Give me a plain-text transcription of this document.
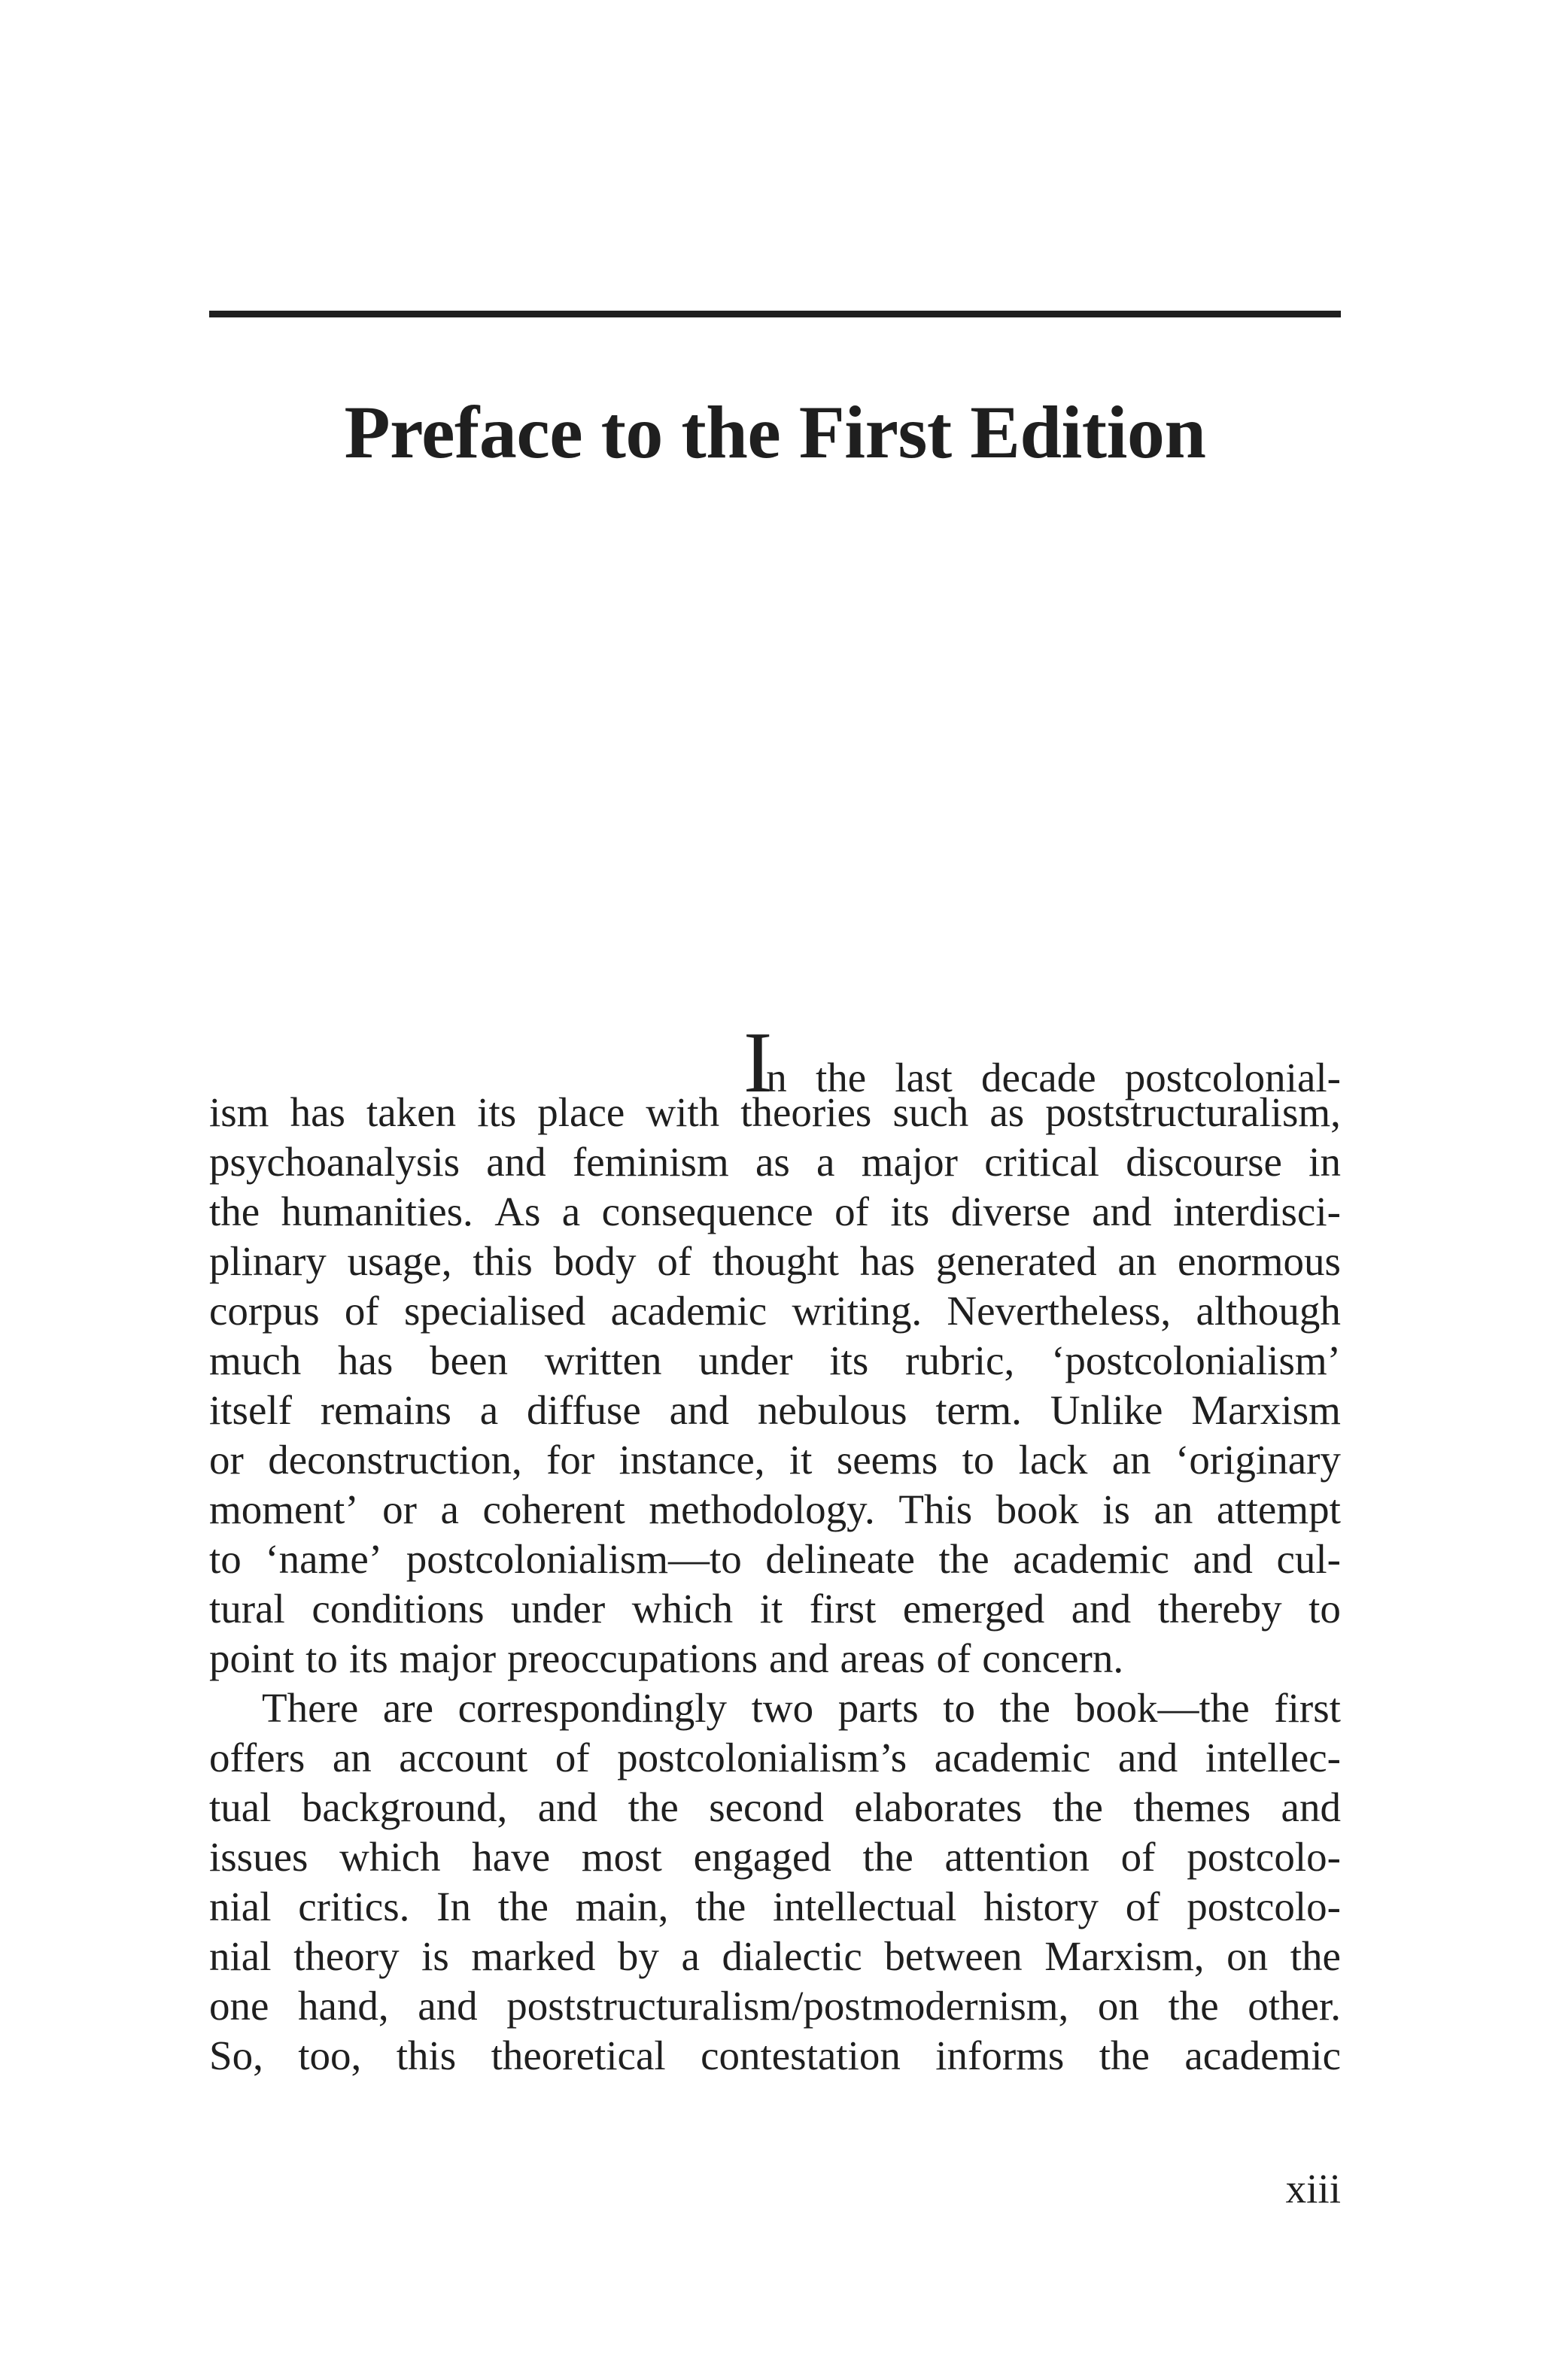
Preface to the First Edition
In the last decade postcolonial-
ism has taken its place with theories such as poststructuralism,
psychoanalysis and feminism as a major critical discourse in
the humanities. As a consequence of its diverse and interdisci-
plinary usage, this body of thought has generated an enormous
corpus of specialised academic writing. Nevertheless, although
much has been written under its rubric, ‘postcolonialism’
itself remains a diffuse and nebulous term. Unlike Marxism
or deconstruction, for instance, it seems to lack an ‘originary
moment’ or a coherent methodology. This book is an attempt
to ‘name’ postcolonialism—to delineate the academic and cul-
tural conditions under which it first emerged and thereby to
point to its major preoccupations and areas of concern.
There are correspondingly two parts to the book—the first
offers an account of postcolonialism’s academic and intellec-
tual background, and the second elaborates the themes and
issues which have most engaged the attention of postcolo-
nial critics. In the main, the intellectual history of postcolo-
nial theory is marked by a dialectic between Marxism, on the
one hand, and poststructuralism/postmodernism, on the other.
So, too, this theoretical contestation informs the academic
xiii
